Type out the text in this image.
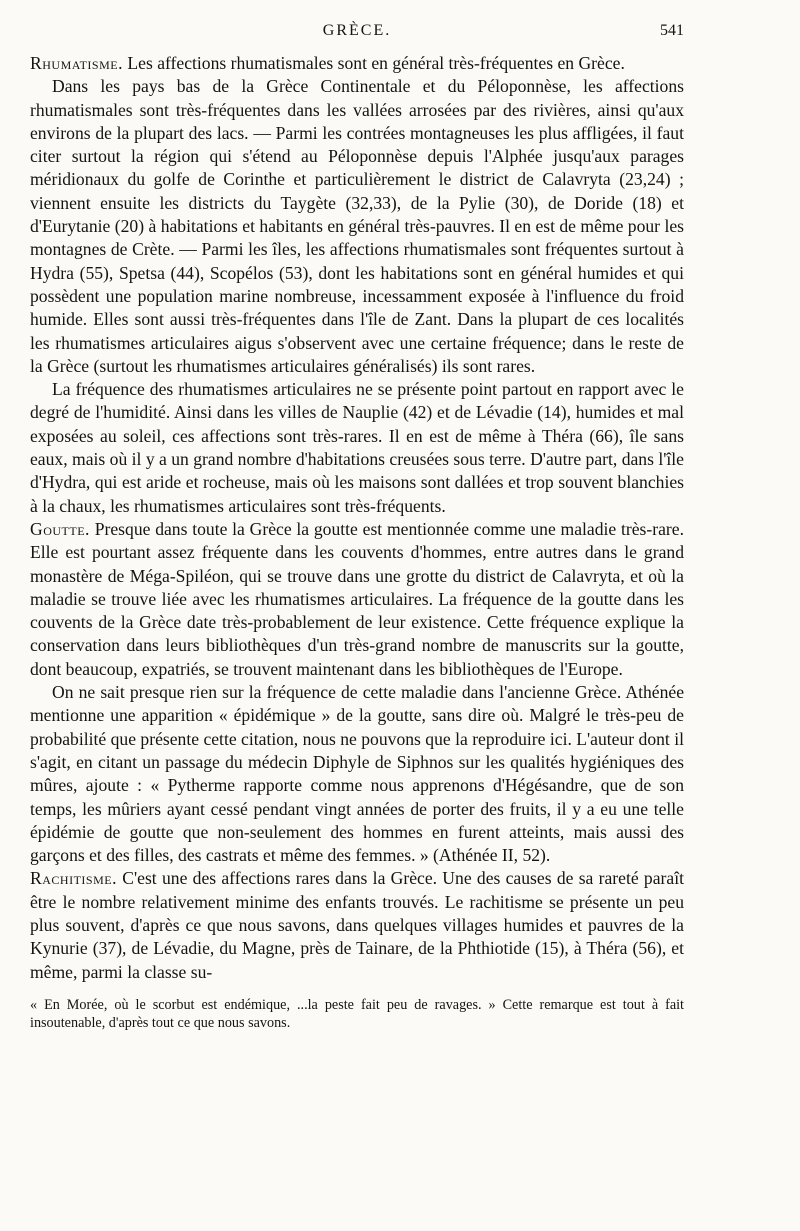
GRÈCE.	541

Rhumatisme. Les affections rhumatismales sont en général très-fréquentes en Grèce.

Dans les pays bas de la Grèce Continentale et du Péloponnèse, les affections rhumatismales sont très-fréquentes dans les vallées arrosées par des rivières, ainsi qu'aux environs de la plupart des lacs. — Parmi les contrées montagneuses les plus affligées, il faut citer surtout la région qui s'étend au Péloponnèse depuis l'Alphée jusqu'aux parages méridionaux du golfe de Corinthe et particulièrement le district de Calavryta (23,24) ; viennent ensuite les districts du Taygète (32,33), de la Pylie (30), de Doride (18) et d'Eurytanie (20) à habitations et habitants en général très-pauvres. Il en est de même pour les montagnes de Crète. — Parmi les îles, les affections rhumatismales sont fréquentes surtout à Hydra (55), Spetsa (44), Scopélos (53), dont les habitations sont en général humides et qui possèdent une population marine nombreuse, incessamment exposée à l'influence du froid humide. Elles sont aussi très-fréquentes dans l'île de Zant. Dans la plupart de ces localités les rhumatismes articulaires aigus s'observent avec une certaine fréquence; dans le reste de la Grèce (surtout les rhumatismes articulaires généralisés) ils sont rares.

La fréquence des rhumatismes articulaires ne se présente point partout en rapport avec le degré de l'humidité. Ainsi dans les villes de Nauplie (42) et de Lévadie (14), humides et mal exposées au soleil, ces affections sont très-rares. Il en est de même à Théra (66), île sans eaux, mais où il y a un grand nombre d'habitations creusées sous terre. D'autre part, dans l'île d'Hydra, qui est aride et rocheuse, mais où les maisons sont dallées et trop souvent blanchies à la chaux, les rhumatismes articulaires sont très-fréquents.

Goutte. Presque dans toute la Grèce la goutte est mentionnée comme une maladie très-rare. Elle est pourtant assez fréquente dans les couvents d'hommes, entre autres dans le grand monastère de Méga-Spiléon, qui se trouve dans une grotte du district de Calavryta, et où la maladie se trouve liée avec les rhumatismes articulaires. La fréquence de la goutte dans les couvents de la Grèce date très-probablement de leur existence. Cette fréquence explique la conservation dans leurs bibliothèques d'un très-grand nombre de manuscrits sur la goutte, dont beaucoup, expatriés, se trouvent maintenant dans les bibliothèques de l'Europe.

On ne sait presque rien sur la fréquence de cette maladie dans l'ancienne Grèce. Athénée mentionne une apparition « épidémique » de la goutte, sans dire où. Malgré le très-peu de probabilité que présente cette citation, nous ne pouvons que la reproduire ici. L'auteur dont il s'agit, en citant un passage du médecin Diphyle de Siphnos sur les qualités hygiéniques des mûres, ajoute : « Pytherme rapporte comme nous apprenons d'Hégésandre, que de son temps, les mûriers ayant cessé pendant vingt années de porter des fruits, il y a eu une telle épidémie de goutte que non-seulement des hommes en furent atteints, mais aussi des garçons et des filles, des castrats et même des femmes. » (Athénée II, 52).

Rachitisme. C'est une des affections rares dans la Grèce. Une des causes de sa rareté paraît être le nombre relativement minime des enfants trouvés. Le rachitisme se présente un peu plus souvent, d'après ce que nous savons, dans quelques villages humides et pauvres de la Kynurie (37), de Lévadie, du Magne, près de Tainare, de la Phthiotide (15), à Théra (56), et même, parmi la classe su-

« En Morée, où le scorbut est endémique, ...la peste fait peu de ravages. » Cette remarque est tout à fait insoutenable, d'après tout ce que nous savons.
